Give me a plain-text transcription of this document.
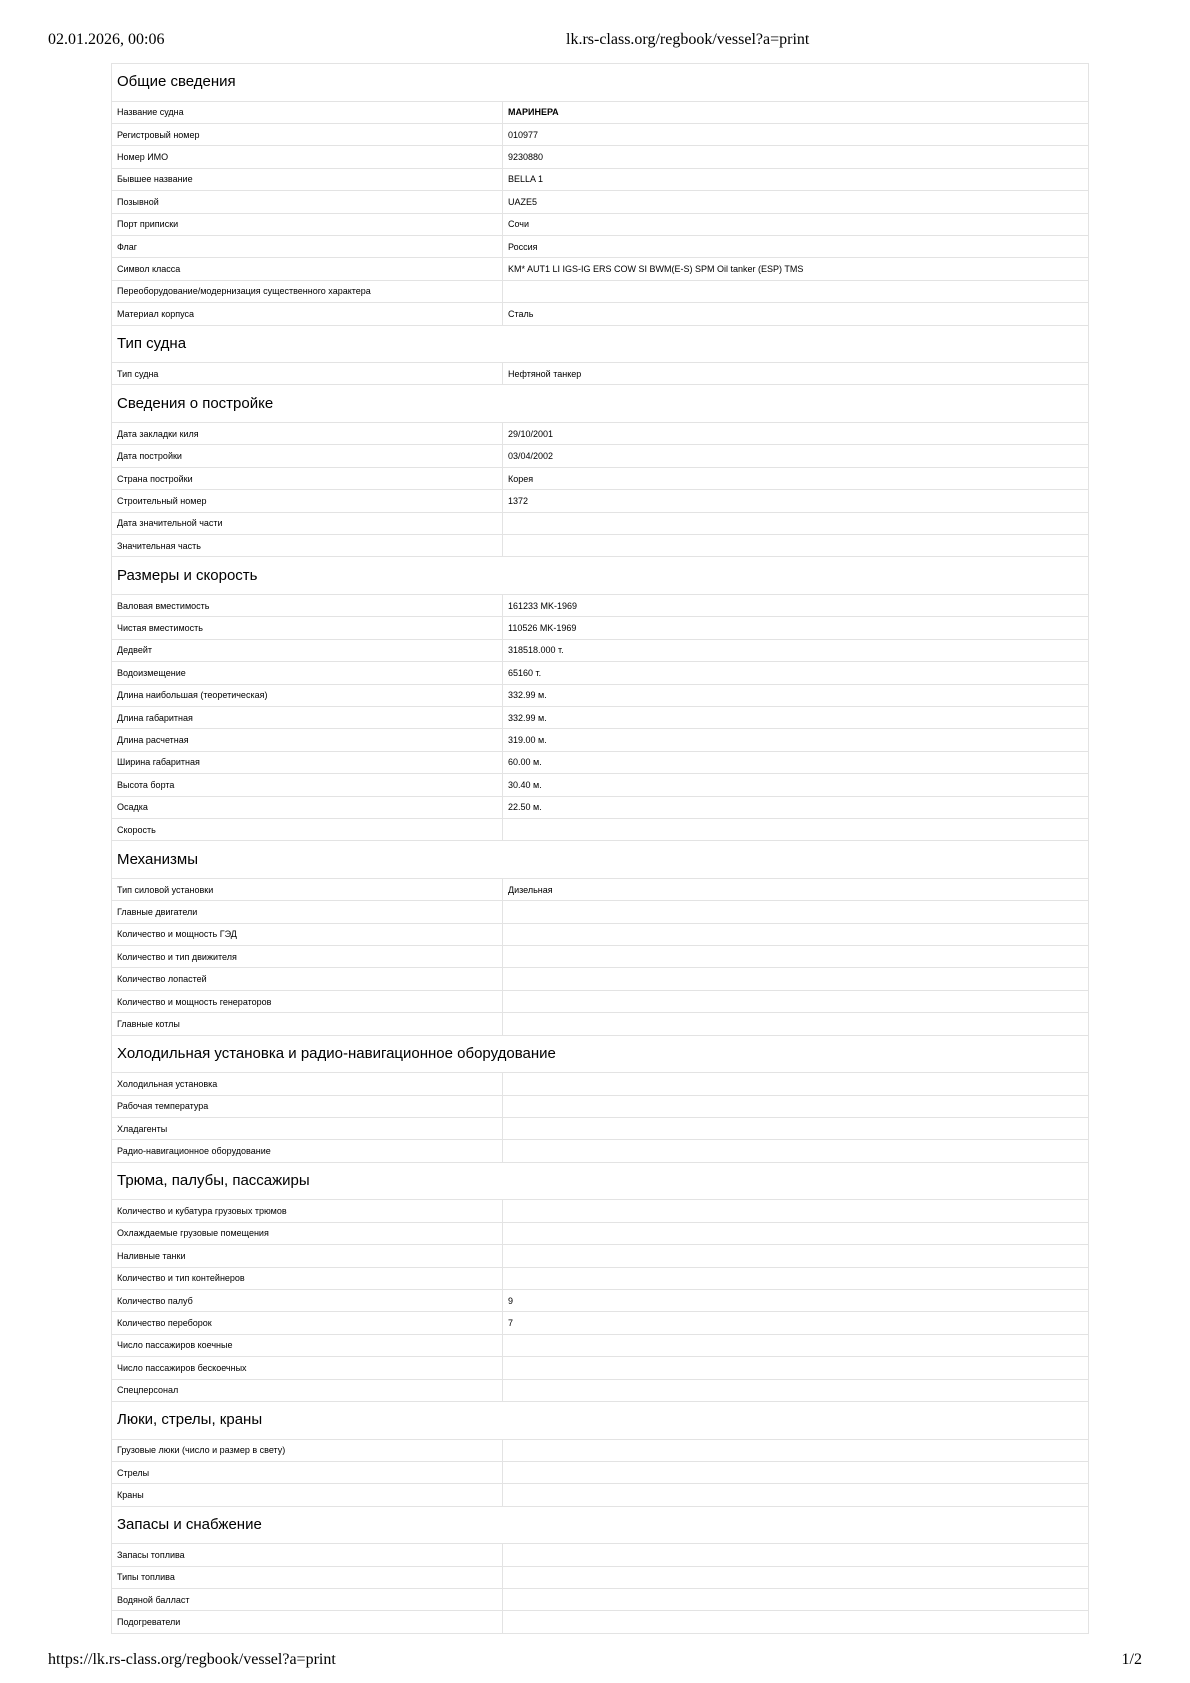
02.01.2026, 00:06	lk.rs-class.org/regbook/vessel?a=print
Общие сведения	
Название судна	МАРИНЕРА
Регистровый номер	010977
Номер ИМО	9230880
Бывшее название	BELLA 1
Позывной	UAZE5
Порт приписки	Сочи
Флаг	Россия
Символ класса	KM* AUT1 LI IGS-IG ERS COW SI BWM(E-S) SPM Oil tanker (ESP) TMS
Переоборудование/модернизация существенного характера	
Материал корпуса	Сталь
Тип судна	
Тип судна	Нефтяной танкер
Сведения о постройке	
Дата закладки киля	29/10/2001
Дата постройки	03/04/2002
Страна постройки	Корея
Строительный номер	1372
Дата значительной части	
Значительная часть	
Размеры и скорость	
Валовая вместимость	161233 MK-1969
Чистая вместимость	110526 MK-1969
Дедвейт	318518.000 т.
Водоизмещение	65160 т.
Длина наибольшая (теоретическая)	332.99 м.
Длина габаритная	332.99 м.
Длина расчетная	319.00 м.
Ширина габаритная	60.00 м.
Высота борта	30.40 м.
Осадка	22.50 м.
Скорость	
Механизмы	
Тип силовой установки	Дизельная
Главные двигатели	
Количество и мощность ГЭД	
Количество и тип движителя	
Количество лопастей	
Количество и мощность генераторов	
Главные котлы	
Холодильная установка и радио-навигационное оборудование	
Холодильная установка	
Рабочая температура	
Хладагенты	
Радио-навигационное оборудование	
Трюма, палубы, пассажиры	
Количество и кубатура грузовых трюмов	
Охлаждаемые грузовые помещения	
Наливные танки	
Количество и тип контейнеров	
Количество палуб	9
Количество переборок	7
Число пассажиров коечные	
Число пассажиров бескоечных	
Спецперсонал	
Люки, стрелы, краны	
Грузовые люки (число и размер в свету)	
Стрелы	
Краны	
Запасы и снабжение	
Запасы топлива	
Типы топлива	
Водяной балласт	
Подогреватели	
https://lk.rs-class.org/regbook/vessel?a=print	1/2
